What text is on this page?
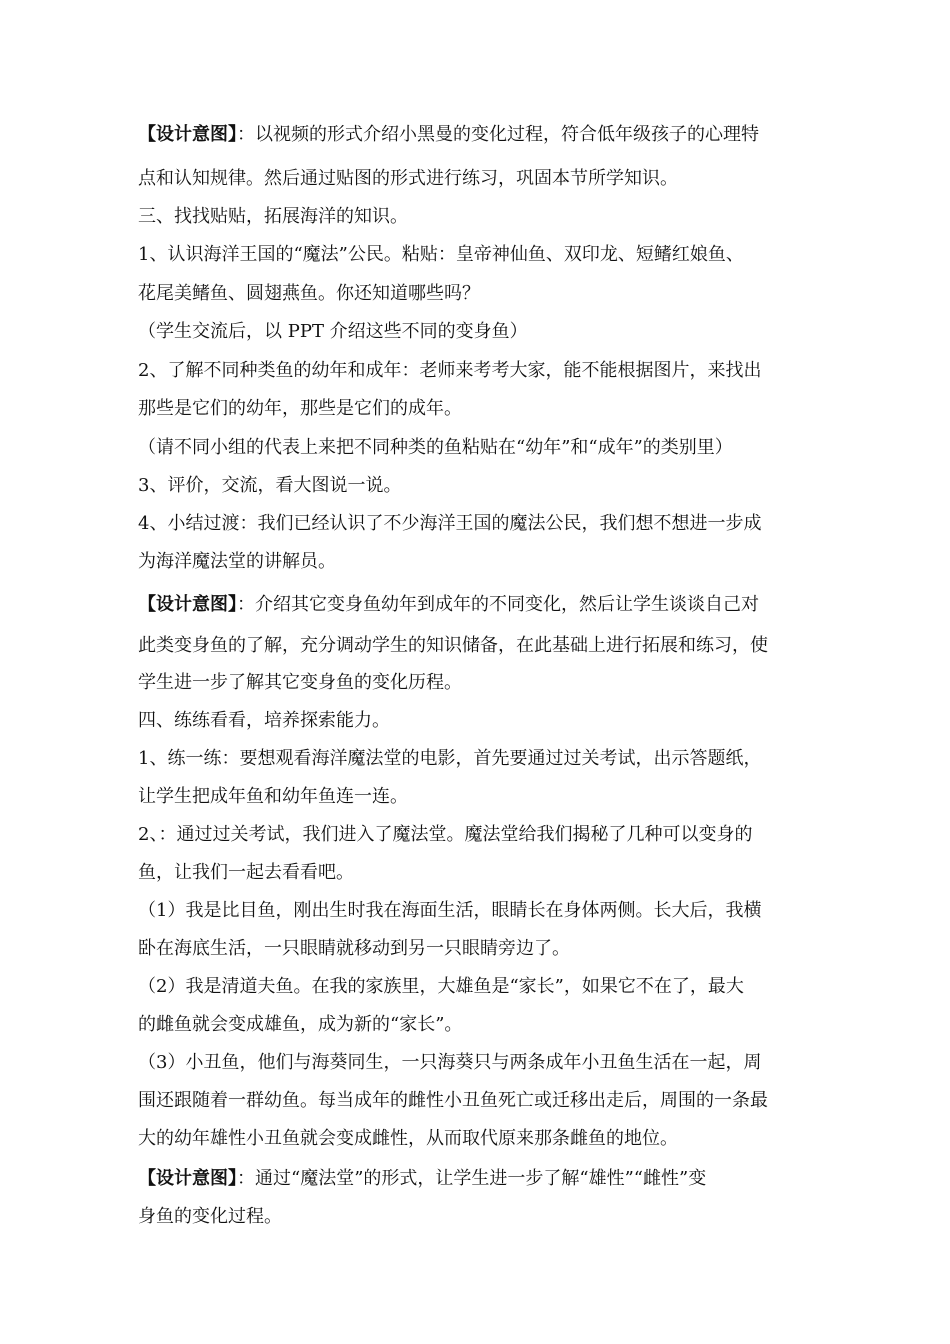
【设计意图】：以视频的形式介绍小黑曼的变化过程，符合低年级孩子的心理特
点和认知规律。然后通过贴图的形式进行练习，巩固本节所学知识。
三、找找贴贴，拓展海洋的知识。
1、认识海洋王国的“魔法”公民。粘贴：皇帝神仙鱼、双印龙、短鳍红娘鱼、
花尾美鳍鱼、圆翅燕鱼。你还知道哪些吗？
（学生交流后，以 PPT 介绍这些不同的变身鱼）
2、了解不同种类鱼的幼年和成年：老师来考考大家，能不能根据图片，来找出
那些是它们的幼年，那些是它们的成年。
（请不同小组的代表上来把不同种类的鱼粘贴在“幼年”和“成年”的类别里）
3、评价，交流，看大图说一说。
4、小结过渡：我们已经认识了不少海洋王国的魔法公民，我们想不想进一步成
为海洋魔法堂的讲解员。
【设计意图】：介绍其它变身鱼幼年到成年的不同变化，然后让学生谈谈自己对
此类变身鱼的了解，充分调动学生的知识储备，在此基础上进行拓展和练习，使
学生进一步了解其它变身鱼的变化历程。
四、练练看看，培养探索能力。
1、练一练：要想观看海洋魔法堂的电影，首先要通过过关考试，出示答题纸，
让学生把成年鱼和幼年鱼连一连。
2、：通过过关考试，我们进入了魔法堂。魔法堂给我们揭秘了几种可以变身的
鱼，让我们一起去看看吧。
（1）我是比目鱼，刚出生时我在海面生活，眼睛长在身体两侧。长大后，我横
卧在海底生活，一只眼睛就移动到另一只眼睛旁边了。
（2）我是清道夫鱼。在我的家族里，大雄鱼是“家长”，如果它不在了，最大
的雌鱼就会变成雄鱼，成为新的“家长”。
（3）小丑鱼，他们与海葵同生，一只海葵只与两条成年小丑鱼生活在一起，周
围还跟随着一群幼鱼。每当成年的雌性小丑鱼死亡或迁移出走后，周围的一条最
大的幼年雄性小丑鱼就会变成雌性，从而取代原来那条雌鱼的地位。
【设计意图】：通过“魔法堂”的形式，让学生进一步了解“雄性”“雌性”变
身鱼的变化过程。
